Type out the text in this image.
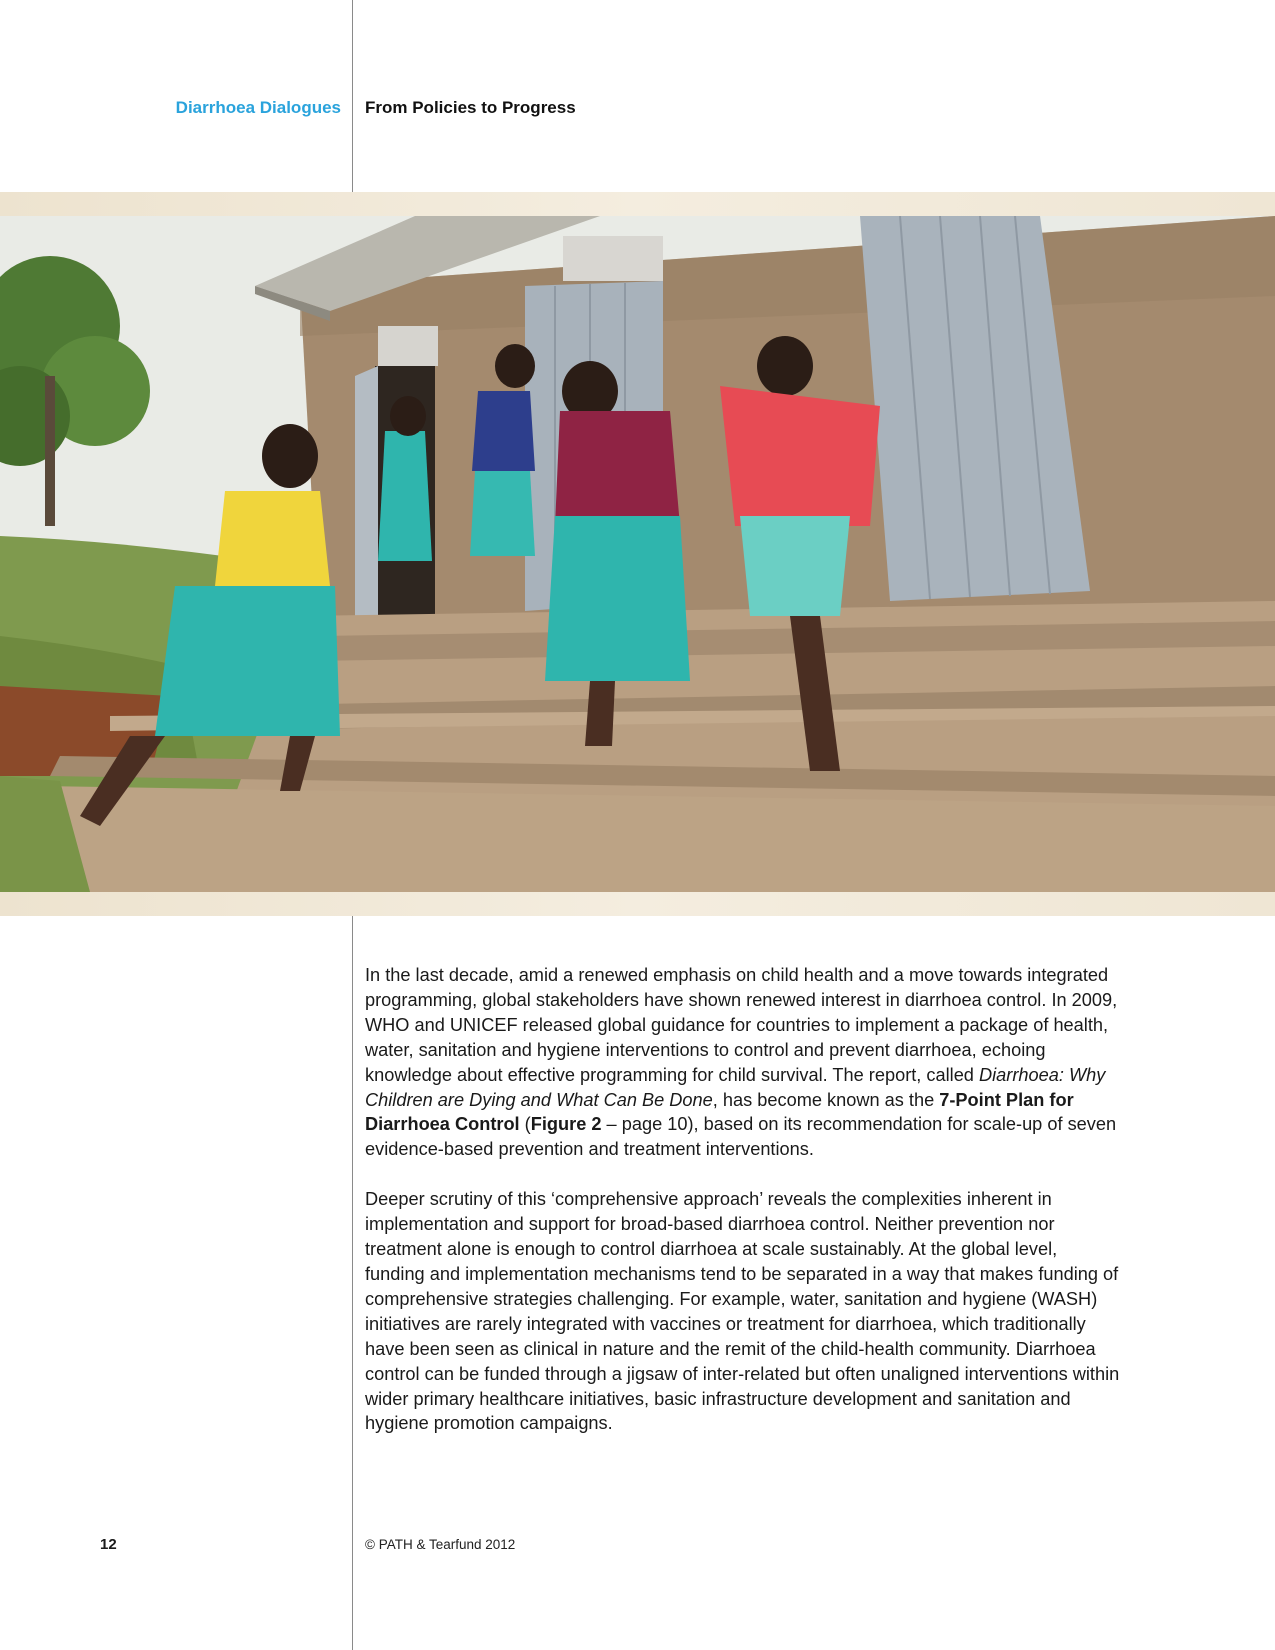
Diarrhoea Dialogues From Policies to Progress

In the last decade, amid a renewed emphasis on child health and a move towards integrated programming, global stakeholders have shown renewed interest in diarrhoea control. In 2009, WHO and UNICEF released global guidance for countries to implement a package of health, water, sanitation and hygiene interventions to control and prevent diarrhoea, echoing knowledge about effective programming for child survival. The report, called Diarrhoea: Why Children are Dying and What Can Be Done, has become known as the 7-Point Plan for Diarrhoea Control (Figure 2 – page 10), based on its recommendation for scale-up of seven evidence-based prevention and treatment interventions.

Deeper scrutiny of this ‘comprehensive approach’ reveals the complexities inherent in implementation and support for broad-based diarrhoea control. Neither prevention nor treatment alone is enough to control diarrhoea at scale sustainably. At the global level, funding and implementation mechanisms tend to be separated in a way that makes funding of comprehensive strategies challenging. For example, water, sanitation and hygiene (WASH) initiatives are rarely integrated with vaccines or treatment for diarrhoea, which traditionally have been seen as clinical in nature and the remit of the child-health community. Diarrhoea control can be funded through a jigsaw of inter-related but often unaligned interventions within wider primary healthcare initiatives, basic infrastructure development and sanitation and hygiene promotion campaigns.

12	© PATH & Tearfund 2012
